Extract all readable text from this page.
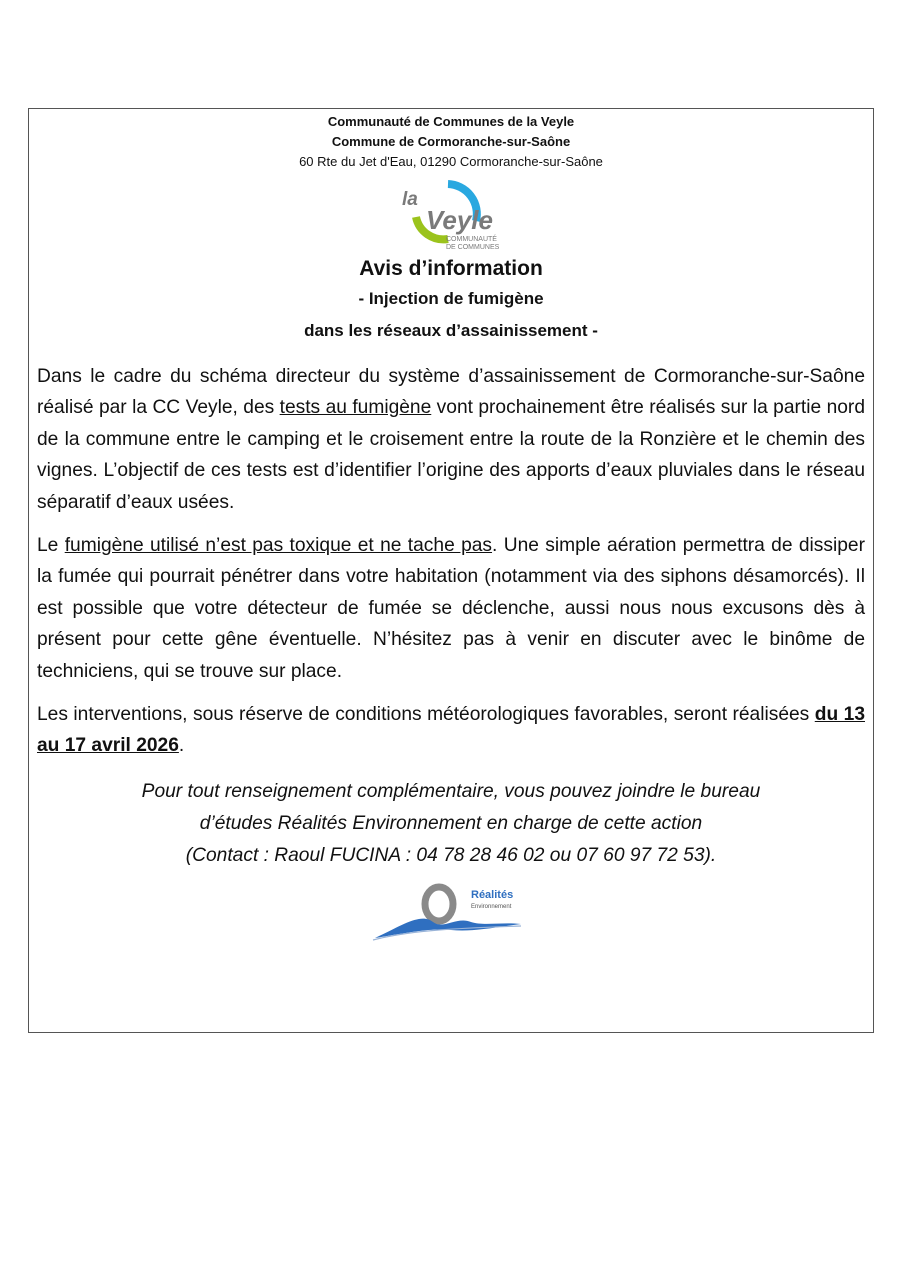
Communauté de Communes de la Veyle
Commune de Cormoranche-sur-Saône
60 Rte du Jet d'Eau, 01290 Cormoranche-sur-Saône
la
Veyle
COMMUNAUTÉ
DE COMMUNES
Avis d’information
- Injection de fumigène
dans les réseaux d’assainissement -

Dans le cadre du schéma directeur du système d’assainissement de Cormoranche-sur-Saône réalisé par la CC Veyle, des tests au fumigène vont prochainement être réalisés sur la partie nord de la commune entre le camping et le croisement entre la route de la Ronzière et le chemin des vignes. L’objectif de ces tests est d’identifier l’origine des apports d’eaux pluviales dans le réseau séparatif d’eaux usées.

Le fumigène utilisé n’est pas toxique et ne tache pas. Une simple aération permettra de dissiper la fumée qui pourrait pénétrer dans votre habitation (notamment via des siphons désamorcés). Il est possible que votre détecteur de fumée se déclenche, aussi nous nous excusons dès à présent pour cette gêne éventuelle. N’hésitez pas à venir en discuter avec le binôme de techniciens, qui se trouve sur place.

Les interventions, sous réserve de conditions météorologiques favorables, seront réalisées du 13 au 17 avril 2026.

Pour tout renseignement complémentaire, vous pouvez joindre le bureau
d’études Réalités Environnement en charge de cette action
(Contact : Raoul FUCINA : 04 78 28 46 02 ou 07 60 97 72 53).
Réalités
Environnement
